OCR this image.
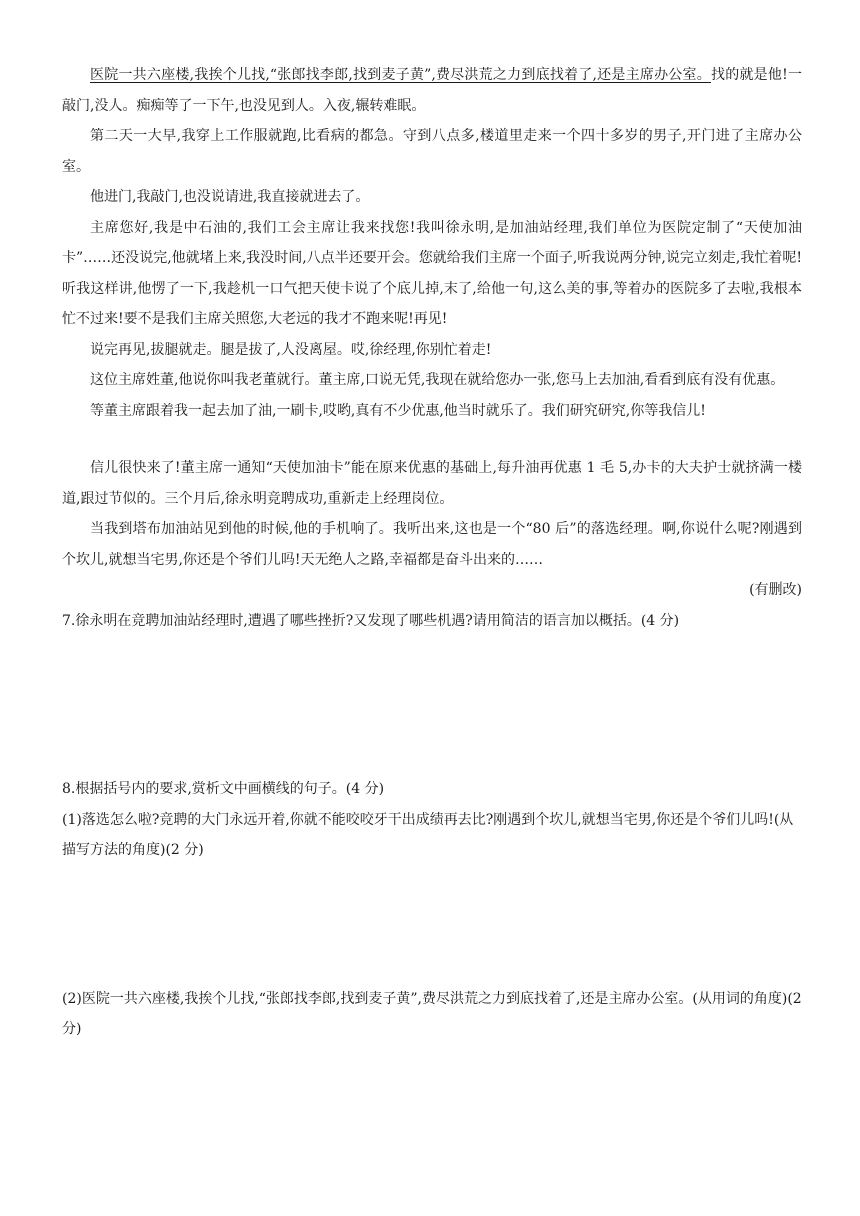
医院一共六座楼,我挨个儿找,“张郎找李郎,找到麦子黄”,费尽洪荒之力到底找着了,还是主席办公室。找的就是他!一敲门,没人。痴痴等了一下午,也没见到人。入夜,辗转难眠。

第二天一大早,我穿上工作服就跑,比看病的都急。守到八点多,楼道里走来一个四十多岁的男子,开门进了主席办公室。

他进门,我敲门,也没说请进,我直接就进去了。

主席您好,我是中石油的,我们工会主席让我来找您!我叫徐永明,是加油站经理,我们单位为医院定制了“天使加油卡”……还没说完,他就堵上来,我没时间,八点半还要开会。您就给我们主席一个面子,听我说两分钟,说完立刻走,我忙着呢!听我这样讲,他愣了一下,我趁机一口气把天使卡说了个底儿掉,末了,给他一句,这么美的事,等着办的医院多了去啦,我根本忙不过来!要不是我们主席关照您,大老远的我才不跑来呢!再见!

说完再见,拔腿就走。腿是拔了,人没离屋。哎,徐经理,你别忙着走!

这位主席姓董,他说你叫我老董就行。董主席,口说无凭,我现在就给您办一张,您马上去加油,看看到底有没有优惠。

等董主席跟着我一起去加了油,一刷卡,哎哟,真有不少优惠,他当时就乐了。我们研究研究,你等我信儿!

信儿很快来了!董主席一通知“天使加油卡”能在原来优惠的基础上,每升油再优惠 1 毛 5,办卡的大夫护士就挤满一楼道,跟过节似的。三个月后,徐永明竞聘成功,重新走上经理岗位。

当我到塔布加油站见到他的时候,他的手机响了。我听出来,这也是一个“80 后”的落选经理。啊,你说什么呢?刚遇到个坎儿,就想当宅男,你还是个爷们儿吗!天无绝人之路,幸福都是奋斗出来的……

(有删改)

7.徐永明在竞聘加油站经理时,遭遇了哪些挫折?又发现了哪些机遇?请用简洁的语言加以概括。(4 分)

8.根据括号内的要求,赏析文中画横线的句子。(4 分)

(1)落选怎么啦?竞聘的大门永远开着,你就不能咬咬牙干出成绩再去比?刚遇到个坎儿,就想当宅男,你还是个爷们儿吗!(从描写方法的角度)(2 分)

(2)医院一共六座楼,我挨个儿找,“张郎找李郎,找到麦子黄”,费尽洪荒之力到底找着了,还是主席办公室。(从用词的角度)(2 分)
